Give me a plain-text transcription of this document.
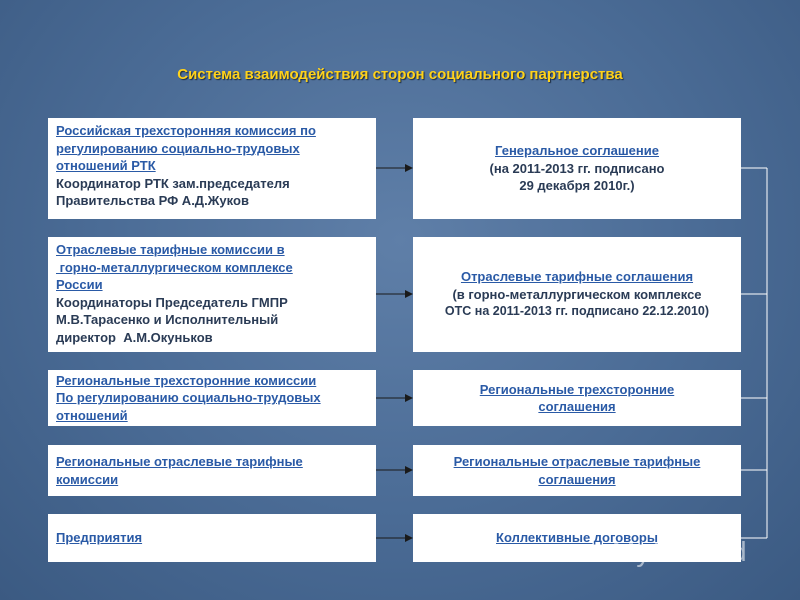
Система взаимодействия сторон социального партнерства
Российская трехсторонняя комиссия по
регулированию социально-трудовых
отношений РТК
Координатор РТК зам.председателя
Правительства РФ А.Д.Жуков
Генеральное соглашение
(на 2011-2013 гг. подписано
29 декабря 2010г.)
Отраслевые тарифные комиссии в
горно-металлургическом комплексе
России
Координаторы Председатель ГМПР
М.В.Тарасенко и Исполнительный
директор  А.М.Окуньков
Отраслевые тарифные соглашения
(в горно-металлургическом комплексе
ОТС на 2011-2013 гг. подписано 22.12.2010)
Региональные трехсторонние комиссии
По регулированию социально-трудовых
отношений
Региональные трехсторонние
соглашения
Региональные отраслевые тарифные
комиссии
Региональные отраслевые тарифные
соглашения
Предприятия	Коллективные договоры
MyShared
